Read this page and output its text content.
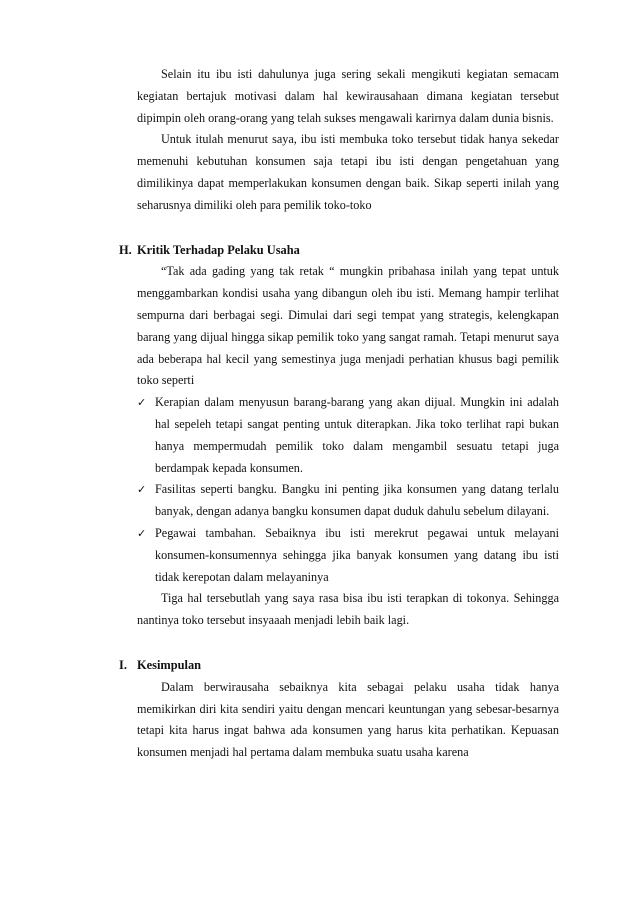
Selain itu ibu isti dahulunya juga sering sekali mengikuti kegiatan semacam kegiatan bertajuk motivasi dalam hal kewirausahaan dimana kegiatan tersebut dipimpin oleh orang-orang yang telah sukses mengawali karirnya dalam dunia bisnis.

Untuk itulah menurut saya, ibu isti membuka toko tersebut tidak hanya sekedar memenuhi kebutuhan konsumen saja tetapi ibu isti dengan pengetahuan yang dimilikinya dapat memperlakukan konsumen dengan baik. Sikap seperti inilah yang seharusnya dimiliki oleh para pemilik toko-toko

H. Kritik Terhadap Pelaku Usaha

“Tak ada gading yang tak retak “ mungkin pribahasa inilah yang tepat untuk menggambarkan kondisi usaha yang dibangun oleh ibu isti. Memang hampir terlihat sempurna dari berbagai segi. Dimulai dari segi tempat yang strategis, kelengkapan barang yang dijual hingga sikap pemilik toko yang sangat ramah. Tetapi menurut saya ada beberapa hal kecil yang semestinya juga menjadi perhatian khusus bagi pemilik toko seperti

✓ Kerapian dalam menyusun barang-barang yang akan dijual. Mungkin ini adalah hal sepeleh tetapi sangat penting untuk diterapkan. Jika toko terlihat rapi bukan hanya mempermudah pemilik toko dalam mengambil sesuatu tetapi juga berdampak kepada konsumen.
✓ Fasilitas seperti bangku. Bangku ini penting jika konsumen yang datang terlalu banyak, dengan adanya bangku konsumen dapat duduk dahulu sebelum dilayani.
✓ Pegawai tambahan. Sebaiknya ibu isti merekrut pegawai untuk melayani konsumen-konsumennya sehingga jika banyak konsumen yang datang ibu isti tidak kerepotan dalam melayaninya

Tiga hal tersebutlah yang saya rasa bisa ibu isti terapkan di tokonya. Sehingga nantinya toko tersebut insyaaah menjadi lebih baik lagi.

I. Kesimpulan

Dalam berwirausaha sebaiknya kita sebagai pelaku usaha tidak hanya memikirkan diri kita sendiri yaitu dengan mencari keuntungan yang sebesar-besarnya tetapi kita harus ingat bahwa ada konsumen yang harus kita perhatikan. Kepuasan konsumen menjadi hal pertama dalam membuka suatu usaha karena
